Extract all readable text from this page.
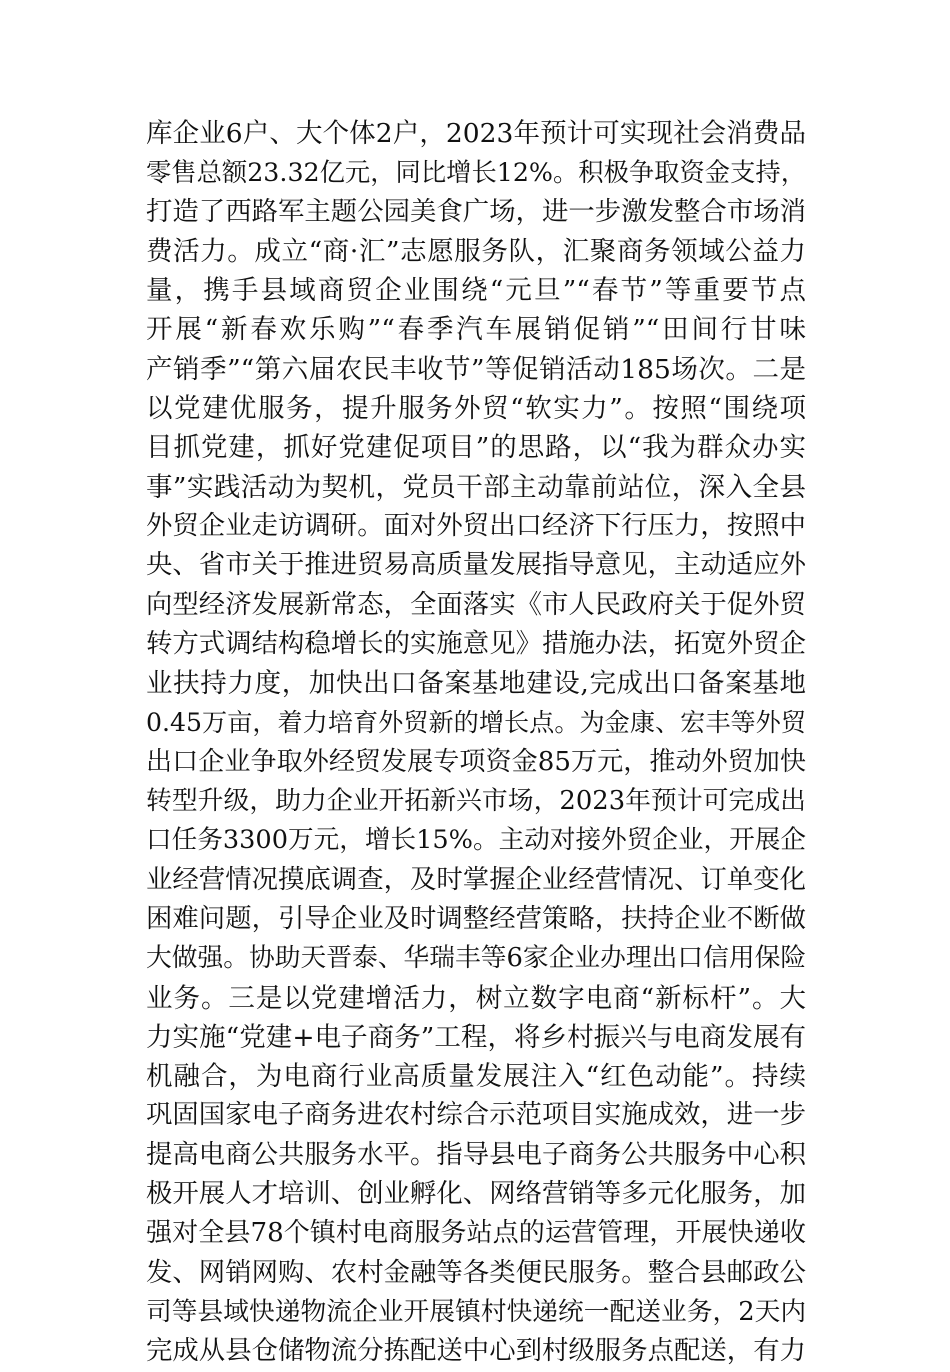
库企业6户、大个体2户，2023年预计可实现社会消费品
零售总额23.32亿元，同比增长12%。积极争取资金支持，
打造了西路军主题公园美食广场，进一步激发整合市场消
费活力。成立“商·汇”志愿服务队，汇聚商务领域公益力
量，携手县域商贸企业围绕“元旦”“春节”等重要节点
开展“新春欢乐购”“春季汽车展销促销”“田间行甘味
产销季”“第六届农民丰收节”等促销活动185场次。二是
以党建优服务，提升服务外贸“软实力”。按照“围绕项
目抓党建，抓好党建促项目”的思路，以“我为群众办实
事”实践活动为契机，党员干部主动靠前站位，深入全县
外贸企业走访调研。面对外贸出口经济下行压力，按照中
央、省市关于推进贸易高质量发展指导意见，主动适应外
向型经济发展新常态，全面落实《市人民政府关于促外贸
转方式调结构稳增长的实施意见》措施办法，拓宽外贸企
业扶持力度，加快出口备案基地建设,完成出口备案基地
0.45万亩，着力培育外贸新的增长点。为金康、宏丰等外贸
出口企业争取外经贸发展专项资金85万元，推动外贸加快
转型升级，助力企业开拓新兴市场，2023年预计可完成出
口任务3300万元，增长15%。主动对接外贸企业，开展企
业经营情况摸底调查，及时掌握企业经营情况、订单变化
困难问题，引导企业及时调整经营策略，扶持企业不断做
大做强。协助天晋泰、华瑞丰等6家企业办理出口信用保险
业务。三是以党建增活力，树立数字电商“新标杆”。大
力实施“党建+电子商务”工程，将乡村振兴与电商发展有
机融合，为电商行业高质量发展注入“红色动能”。持续
巩固国家电子商务进农村综合示范项目实施成效，进一步
提高电商公共服务水平。指导县电子商务公共服务中心积
极开展人才培训、创业孵化、网络营销等多元化服务，加
强对全县78个镇村电商服务站点的运营管理，开展快递收
发、网销网购、农村金融等各类便民服务。整合县邮政公
司等县域快递物流企业开展镇村快递统一配送业务，2天内
完成从县仓储物流分拣配送中心到村级服务点配送，有力
